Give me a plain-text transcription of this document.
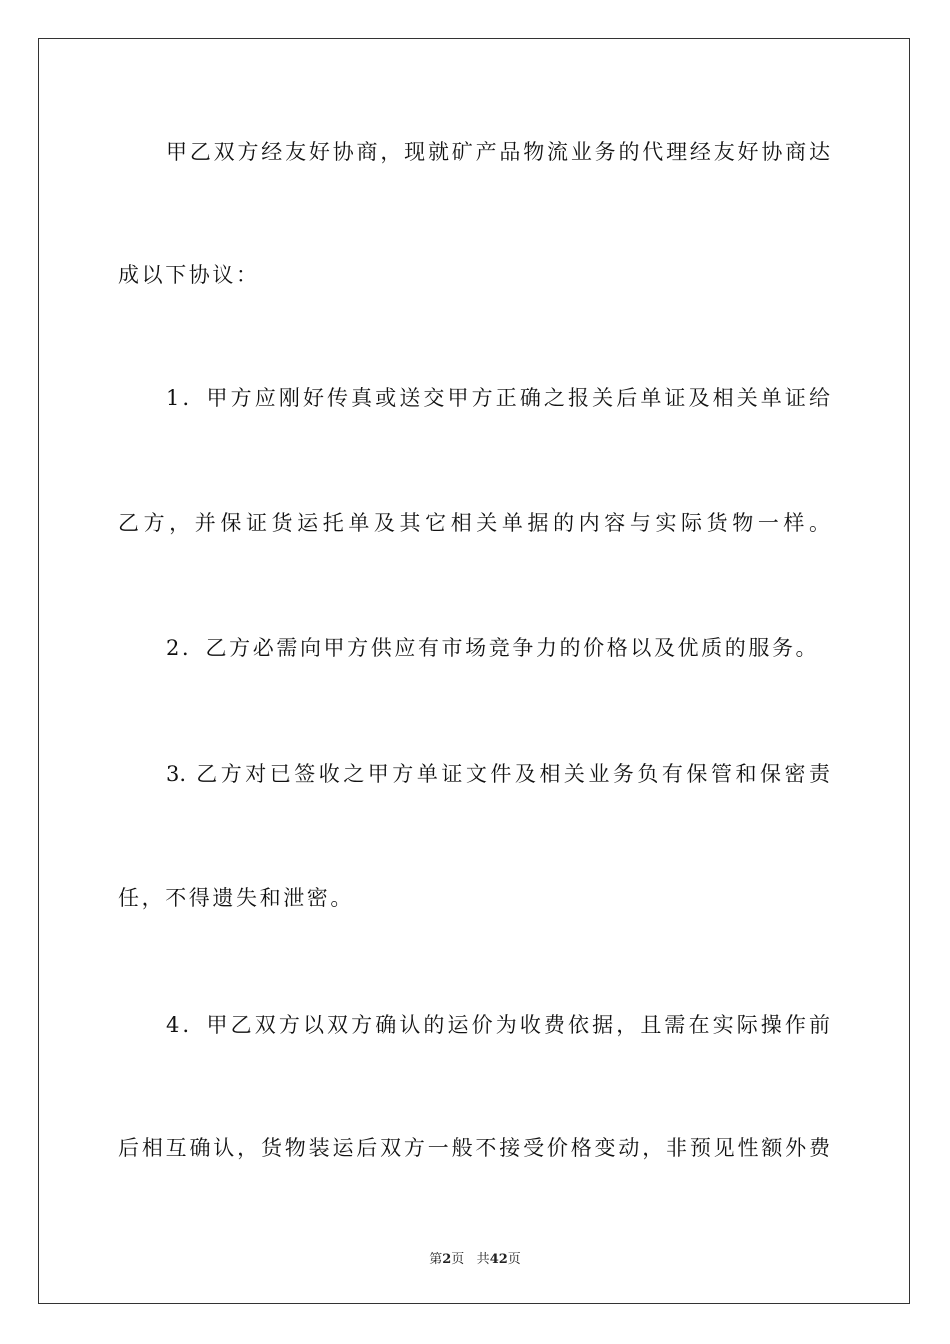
甲乙双方经友好协商，现就矿产品物流业务的代理经友好协商达
成以下协议：
1．甲方应刚好传真或送交甲方正确之报关后单证及相关单证给
乙方，并保证货运托单及其它相关单据的内容与实际货物一样。
2．乙方必需向甲方供应有市场竞争力的价格以及优质的服务。
3. 乙方对已签收之甲方单证文件及相关业务负有保管和保密责
任，不得遗失和泄密。
4．甲乙双方以双方确认的运价为收费依据，且需在实际操作前
后相互确认，货物装运后双方一般不接受价格变动，非预见性额外费
第2页 共42页
